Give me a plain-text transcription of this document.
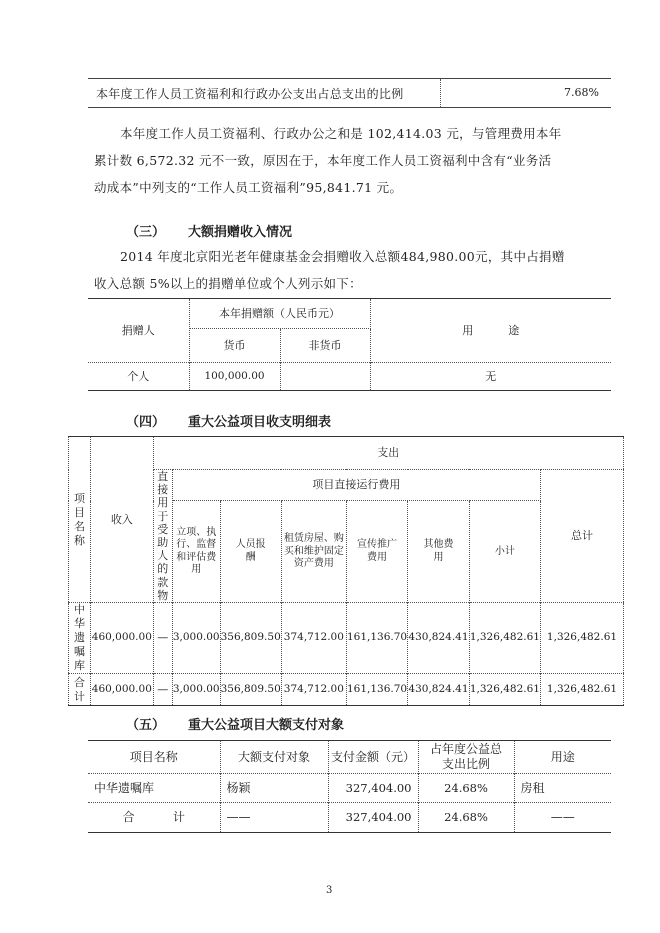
本年度工作人员工资福利和行政办公支出占总支出的比例	7.68%
本年度工作人员工资福利、行政办公之和是 102,414.03 元，与管理费用本年
累计数 6,572.32 元不一致，原因在于，本年度工作人员工资福利中含有“业务活
动成本”中列支的“工作人员工资福利”95,841.71 元。
（三） 大额捐赠收入情况
2014 年度北京阳光老年健康基金会捐赠收入总额484,980.00元，其中占捐赠
收入总额 5%以上的捐赠单位或个人列示如下：
捐赠人	本年捐赠额（人民币元）		用          途
	货币	非货币	
个人	100,000.00		无
（四） 重大公益项目收支明细表
项目名称	收入	支出							

		直接用于受助人的款物	项目直接运行费用						总计
			立项、执行、监督和评估费用	人员报酬	租赁房屋、购买和维护固定资产费用	宣传推广费用	其他费用	小计	

中华遗嘱库	460,000.00	—	3,000.00	356,809.50	374,712.00	161,136.70	430,824.41	1,326,482.61	1,326,482.61

合计	460,000.00	—	3,000.00	356,809.50	374,712.00	161,136.70	430,824.41	1,326,482.61	1,326,482.61
（五） 重大公益项目大额支付对象
项目名称	大额支付对象	支付金额（元）	占年度公益总支出比例	用途
中华遗嘱库	杨颖	327,404.00	24.68%	房租
合          计	——	327,404.00	24.68%	——
3
